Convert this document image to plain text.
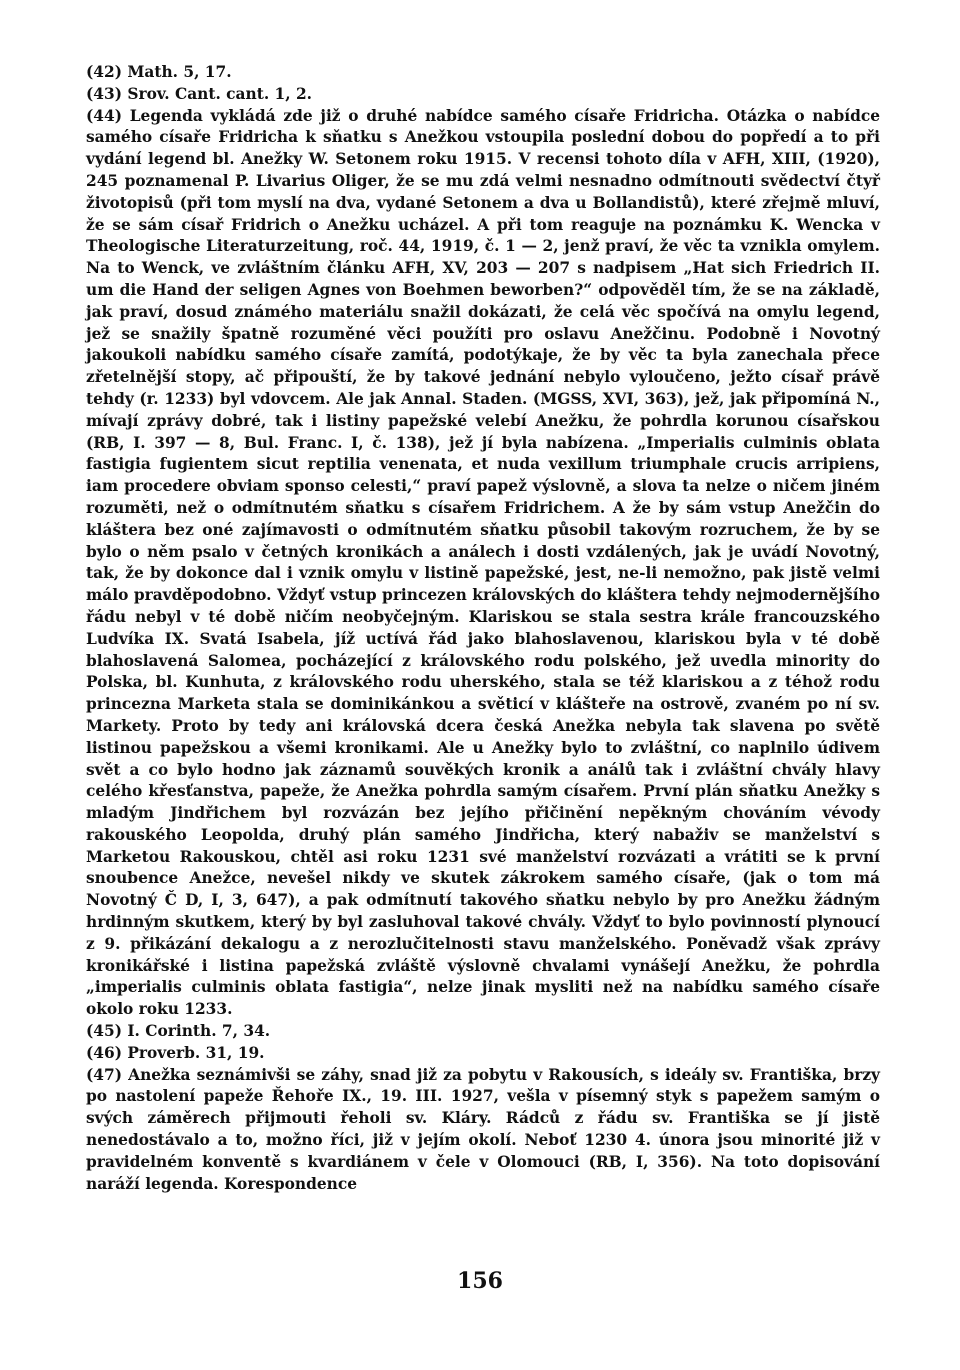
(42) Math. 5, 17.

(43) Srov. Cant. cant. 1, 2.

(44) Legenda vykládá zde již o druhé nabídce samého císaře Fridricha. Otázka o nabídce samého císaře Fridricha k sňatku s Anežkou vstoupila poslední dobou do popředí a to při vydání legend bl. Anežky W. Setonem roku 1915. V recensi tohoto díla v AFH, XIII, (1920), 245 poznamenal P. Livarius Oliger, že se mu zdá velmi nesnadno odmítnouti svědectví čtyř životopisů (při tom myslí na dva, vydané Setonem a dva u Bollandistů), které zřejmě mluví, že se sám císař Fridrich o Anežku ucházel. A při tom reaguje na poznámku K. Wencka v Theologische Literaturzeitung, roč. 44, 1919, č. 1 — 2, jenž praví, že věc ta vznikla omylem. Na to Wenck, ve zvláštním článku AFH, XV, 203 — 207 s nadpisem „Hat sich Friedrich II. um die Hand der seligen Agnes von Boehmen beworben?“ odpověděl tím, že se na základě, jak praví, dosud známého materiálu snažil dokázati, že celá věc spočívá na omylu legend, jež se snažily špatně rozuměné věci použíti pro oslavu Anežčinu. Podobně i Novotný jakoukoli nabídku samého císaře zamítá, podotýkaje, že by věc ta byla zanechala přece zřetelnější stopy, ač připouští, že by takové jednání nebylo vyloučeno, ježto císař právě tehdy (r. 1233) byl vdovcem. Ale jak Annal. Staden. (MGSS, XVI, 363), jež, jak připomíná N., mívají zprávy dobré, tak i listiny papežské velebí Anežku, že pohrdla korunou císařskou (RB, I. 397 — 8, Bul. Franc. I, č. 138), jež jí byla nabízena. „Imperialis culminis oblata fastigia fugientem sicut reptilia venenata, et nuda vexillum triumphale crucis arripiens, iam procedere obviam sponso celesti,“ praví papež výslovně, a slova ta nelze o ničem jiném rozuměti, než o odmítnutém sňatku s císařem Fridrichem. A že by sám vstup Anežčin do kláštera bez oné zajímavosti o odmítnutém sňatku působil takovým rozruchem, že by se bylo o něm psalo v četných kronikách a análech i dosti vzdálených, jak je uvádí Novotný, tak, že by dokonce dal i vznik omylu v listině papežské, jest, ne-li nemožno, pak jistě velmi málo pravděpodobno. Vždyť vstup princezen královských do kláštera tehdy nejmodernějšího řádu nebyl v té době ničím neobyčejným. Klariskou se stala sestra krále francouzského Ludvíka IX. Svatá Isabela, jíž uctívá řád jako blahoslavenou, klariskou byla v té době blahoslavená Salomea, pocházející z královského rodu polského, jež uvedla minority do Polska, bl. Kunhuta, z královského rodu uherského, stala se též klariskou a z téhož rodu princezna Marketa stala se dominikánkou a světicí v klášteře na ostrově, zvaném po ní sv. Markety. Proto by tedy ani královská dcera česká Anežka nebyla tak slavena po světě listinou papežskou a všemi kronikami. Ale u Anežky bylo to zvláštní, co naplnilo údivem svět a co bylo hodno jak záznamů souvěkých kronik a análů tak i zvláštní chvály hlavy celého křesťanstva, papeže, že Anežka pohrdla samým císařem. První plán sňatku Anežky s mladým Jindřichem byl rozvázán bez jejího přičinění nepěkným chováním vévody rakouského Leopolda, druhý plán samého Jindřicha, který nabaživ se manželství s Marketou Rakouskou, chtěl asi roku 1231 své manželství rozvázati a vrátiti se k první snoubence Anežce, nevešel nikdy ve skutek zákrokem samého císaře, (jak o tom má Novotný Č D, I, 3, 647), a pak odmítnutí takového sňatku nebylo by pro Anežku žádným hrdinným skutkem, který by byl zasluhoval takové chvály. Vždyť to bylo povinností plynoucí z 9. přikázání dekalogu a z nerozlučitelnosti stavu manželského. Poněvadž však zprávy kronikářské i listina papežská zvláště výslovně chvalami vynášejí Anežku, že pohrdla „imperialis culminis oblata fastigia“, nelze jinak mysliti než na nabídku samého císaře okolo roku 1233.

(45) I. Corinth. 7, 34.

(46) Proverb. 31, 19.

(47) Anežka seznámivši se záhy, snad již za pobytu v Rakousích, s ideály sv. Františka, brzy po nastolení papeže Řehoře IX., 19. III. 1927, vešla v písemný styk s papežem samým o svých záměrech přijmouti řeholi sv. Kláry. Rádců z řádu sv. Františka se jí jistě nenedostávalo a to, možno říci, již v jejím okolí. Neboť 1230 4. února jsou minorité již v pravidelném konventě s kvardiánem v čele v Olomouci (RB, I, 356). Na toto dopisování naráží legenda. Korespondence

156
